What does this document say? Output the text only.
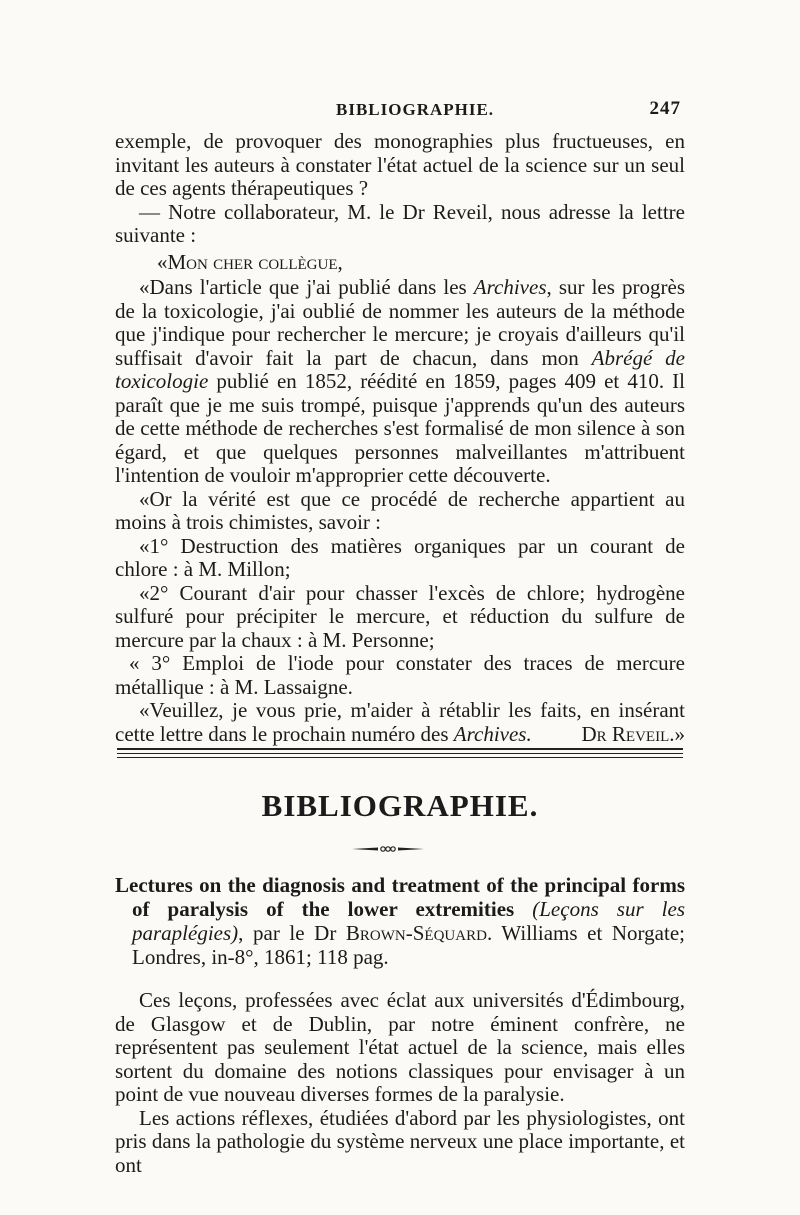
BIBLIOGRAPHIE.	247

exemple, de provoquer des monographies plus fructueuses, en invitant les auteurs à constater l'état actuel de la science sur un seul de ces agents thérapeutiques ?

— Notre collaborateur, M. le Dr Reveil, nous adresse la lettre suivante :

«Mon cher collègue,

«Dans l'article que j'ai publié dans les Archives, sur les progrès de la toxicologie, j'ai oublié de nommer les auteurs de la méthode que j'indique pour rechercher le mercure; je croyais d'ailleurs qu'il suffisait d'avoir fait la part de chacun, dans mon Abrégé de toxicologie publié en 1852, réédité en 1859, pages 409 et 410. Il paraît que je me suis trompé, puisque j'apprends qu'un des auteurs de cette méthode de recherches s'est formalisé de mon silence à son égard, et que quelques personnes malveillantes m'attribuent l'intention de vouloir m'approprier cette découverte.

«Or la vérité est que ce procédé de recherche appartient au moins à trois chimistes, savoir :

«1° Destruction des matières organiques par un courant de chlore : à M. Millon;

«2° Courant d'air pour chasser l'excès de chlore; hydrogène sulfuré pour précipiter le mercure, et réduction du sulfure de mercure par la chaux : à M. Personne;

« 3° Emploi de l'iode pour constater des traces de mercure métallique : à M. Lassaigne.

«Veuillez, je vous prie, m'aider à rétablir les faits, en insérant cette lettre dans le prochain numéro des Archives.	Dr Reveil.»

BIBLIOGRAPHIE.

Lectures on the diagnosis and treatment of the principal forms of paralysis of the lower extremities (Leçons sur les paraplégies), par le Dr Brown-Séquard. Williams et Norgate; Londres, in-8°, 1861; 118 pag.

Ces leçons, professées avec éclat aux universités d'Édimbourg, de Glasgow et de Dublin, par notre éminent confrère, ne représentent pas seulement l'état actuel de la science, mais elles sortent du domaine des notions classiques pour envisager à un point de vue nouveau diverses formes de la paralysie.

Les actions réflexes, étudiées d'abord par les physiologistes, ont pris dans la pathologie du système nerveux une place importante, et ont
